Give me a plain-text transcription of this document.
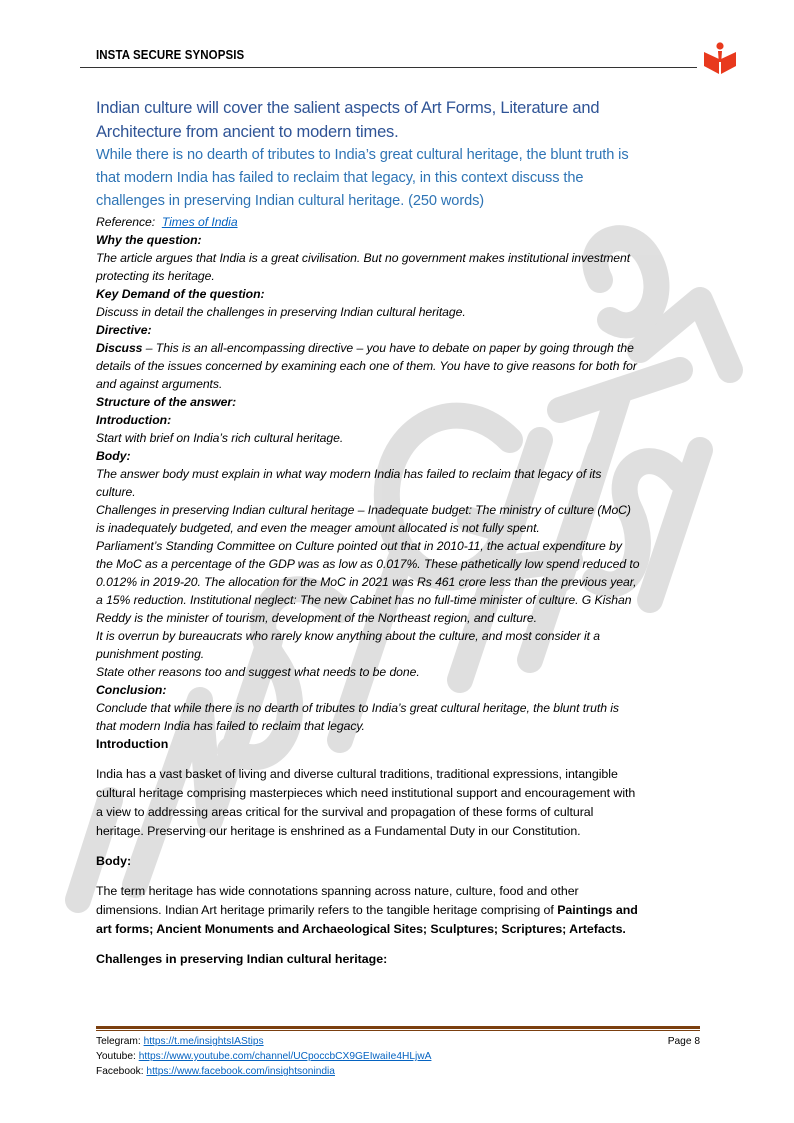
INSTA SECURE SYNOPSIS

Indian culture will cover the salient aspects of Art Forms, Literature and
Architecture from ancient to modern times.

While there is no dearth of tributes to India’s great cultural heritage, the blunt truth is
that modern India has failed to reclaim that legacy, in this context discuss the
challenges in preserving Indian cultural heritage. (250 words)

Reference: Times of India

Why the question:

The article argues that India is a great civilisation. But no government makes institutional investment
protecting its heritage.

Key Demand of the question:

Discuss in detail the challenges in preserving Indian cultural heritage.

Directive:

Discuss – This is an all-encompassing directive – you have to debate on paper by going through the
details of the issues concerned by examining each one of them. You have to give reasons for both for
and against arguments.

Structure of the answer:

Introduction:

Start with brief on India’s rich cultural heritage.

Body:

The answer body must explain in what way modern India has failed to reclaim that legacy of its
culture.
Challenges in preserving Indian cultural heritage – Inadequate budget: The ministry of culture (MoC)
is inadequately budgeted, and even the meager amount allocated is not fully spent.
Parliament’s Standing Committee on Culture pointed out that in 2010-11, the actual expenditure by
the MoC as a percentage of the GDP was as low as 0.017%. These pathetically low spend reduced to
0.012% in 2019-20. The allocation for the MoC in 2021 was Rs 461 crore less than the previous year,
a 15% reduction. Institutional neglect: The new Cabinet has no full-time minister of culture. G Kishan
Reddy is the minister of tourism, development of the Northeast region, and culture.
It is overrun by bureaucrats who rarely know anything about the culture, and most consider it a
punishment posting.
State other reasons too and suggest what needs to be done.

Conclusion:

Conclude that while there is no dearth of tributes to India’s great cultural heritage, the blunt truth is
that modern India has failed to reclaim that legacy.

Introduction

India has a vast basket of living and diverse cultural traditions, traditional expressions, intangible
cultural heritage comprising masterpieces which need institutional support and encouragement with
a view to addressing areas critical for the survival and propagation of these forms of cultural
heritage. Preserving our heritage is enshrined as a Fundamental Duty in our Constitution.

Body:

The term heritage has wide connotations spanning across nature, culture, food and other
dimensions. Indian Art heritage primarily refers to the tangible heritage comprising of Paintings and
art forms; Ancient Monuments and Archaeological Sites; Sculptures; Scriptures; Artefacts.

Challenges in preserving Indian cultural heritage:

Telegram: https://t.me/insightsIAStips
Youtube: https://www.youtube.com/channel/UCpoccbCX9GEIwaiIe4HLjwA
Facebook: https://www.facebook.com/insightsonindia
Page 8
